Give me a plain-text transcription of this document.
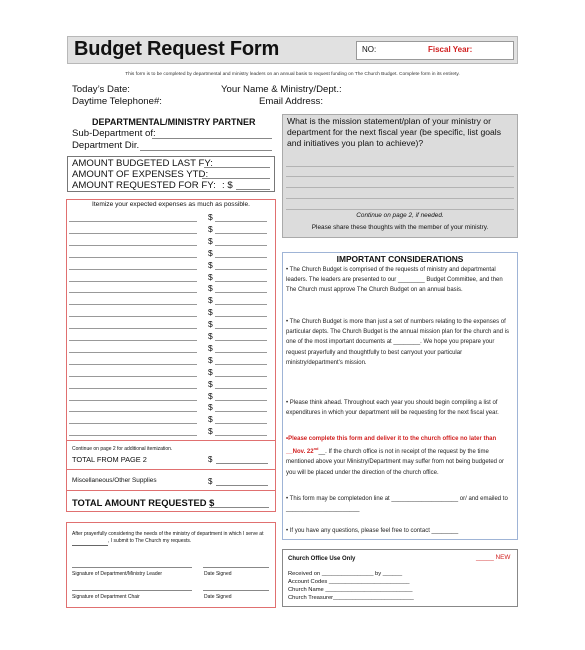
Budget Request Form	NO:	Fiscal Year:
This form is to be completed by departmental and ministry leaders on an annual basis to request funding on The Church Budget. Complete form in its entirety.
Today’s Date:	Your Name & Ministry/Dept.:
Daytime Telephone#:	Email Address:
DEPARTMENTAL/MINISTRY PARTNER
Sub-Department of:
Department Dir.
AMOUNT BUDGETED LAST FY:
AMOUNT OF EXPENSES YTD:
AMOUNT REQUESTED FOR FY: : $
Itemize your expected expenses as much as possible.
$
$
$
$
$
$
$
$
$
$
$
$
$
$
$
$
$
$
$
Continue on page 2 for additional itemization.
TOTAL FROM PAGE 2	$
Miscellaneous/Other Supplies	$
TOTAL AMOUNT REQUESTED $
After prayerfully considering the needs of the ministry of department in which I serve at  , I submit to The Church my requests.
Signature of Department/Ministry Leader	Date Signed
Signature of Department Chair	Date Signed
What is the mission statement/plan of your ministry or department for the next fiscal year (be specific, list goals and initiatives you plan to achieve)?
Continue on page 2, if needed.
Please share these thoughts with the member of your ministry.
IMPORTANT CONSIDERATIONS
• The Church Budget is comprised of the requests of ministry and departmental leaders. The leaders are presented to our ________ Budget Committee, and then The Church must approve The Church Budget on an annual basis.
• The Church Budget is more than just a set of numbers relating to the expenses of particular depts. The Church Budget is the annual mission plan for the church and is one of the most important documents at ________. We hope you prepare your request prayerfully and thoughtfully to best carryout your particular ministry/department’s mission.
• Please think ahead. Throughout each year you should begin compiling a list of expenditures in which your department will be requesting for the next fiscal year.
•Please complete this form and deliver it to the church office no later than __Nov. 22nd__. If the church office is not in receipt of the request by the time mentioned above your Ministry/Department may suffer from not being budgeted or you will be placed under the direction of the church office.
• This form may be completedon line at ____________________ or/ and emailed to ______________________
• If you have any questions, please feel free to contact ________
Church Office Use Only	_____ NEW
Received on ________________ by ______
Account Codes _________________________
Church Name ___________________________
Church Treasurer_________________________
